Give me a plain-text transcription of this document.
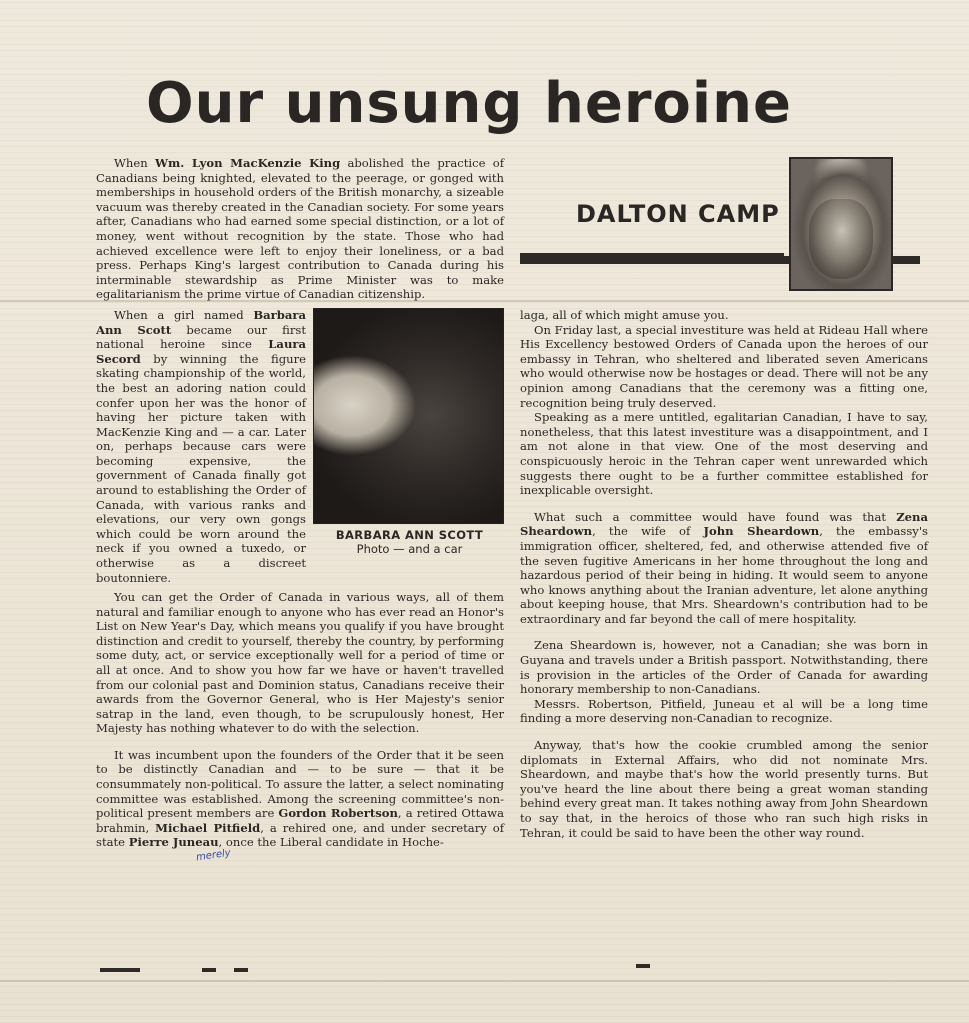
Our unsung heroine
DALTON CAMP

When Wm. Lyon MacKenzie King abolished the practice of Canadians being knighted, elevated to the peerage, or gonged with memberships in household orders of the British monarchy, a sizeable vacuum was thereby created in the Canadian society. For some years after, Canadians who had earned some special distinction, or a lot of money, went without recognition by the state. Those who had achieved excellence were left to enjoy their loneliness, or a bad press. Perhaps King's largest contribution to Canada during his interminable stewardship as Prime Minister was to make egalitarianism the prime virtue of Canadian citizenship.

BARBARA ANN SCOTT
Photo — and a car

When a girl named Barbara Ann Scott became our first national heroine since Laura Secord by winning the figure skating championship of the world, the best an adoring nation could confer upon her was the honor of having her picture taken with MacKenzie King and — a car. Later on, perhaps because cars were becoming expensive, the government of Canada finally got around to establishing the Order of Canada, with various ranks and elevations, our very own gongs which could be worn around the neck if you owned a tuxedo, or otherwise as a discreet boutonniere.

You can get the Order of Canada in various ways, all of them natural and familiar enough to anyone who has ever read an Honor's List on New Year's Day, which means you qualify if you have brought distinction and credit to yourself, thereby the country, by performing some duty, act, or service exceptionally well for a period of time or all at once. And to show you how far we have or haven't travelled from our colonial past and Dominion status, Canadians receive their awards from the Governor General, who is Her Majesty's senior satrap in the land, even though, to be scrupulously honest, Her Majesty has nothing whatever to do with the selection.

It was incumbent upon the founders of the Order that it be seen to be distinctly Canadian and — to be sure — that it be consummately non-political. To assure the latter, a select nominating committee was established. Among the screening committee's non-political present members are Gordon Robertson, a retired Ottawa brahmin, Michael Pitfield, a rehired one, and under secretary of state Pierre Juneau, once the Liberal candidate in Hoche-

merely

laga, all of which might amuse you.

On Friday last, a special investiture was held at Rideau Hall where His Excellency bestowed Orders of Canada upon the heroes of our embassy in Tehran, who sheltered and liberated seven Americans who would otherwise now be hostages or dead. There will not be any opinion among Canadians that the ceremony was a fitting one, recognition being truly deserved.

Speaking as a mere untitled, egalitarian Canadian, I have to say, nonetheless, that this latest investiture was a disappointment, and I am not alone in that view. One of the most deserving and conspicuously heroic in the Tehran caper went unrewarded which suggests there ought to be a further committee established for inexplicable oversight.

What such a committee would have found was that Zena Sheardown, the wife of John Sheardown, the embassy's immigration officer, sheltered, fed, and otherwise attended five of the seven fugitive Americans in her home throughout the long and hazardous period of their being in hiding. It would seem to anyone who knows anything about the Iranian adventure, let alone anything about keeping house, that Mrs. Sheardown's contribution had to be extraordinary and far beyond the call of mere hospitality.

Zena Sheardown is, however, not a Canadian; she was born in Guyana and travels under a British passport. Notwithstanding, there is provision in the articles of the Order of Canada for awarding honorary membership to non-Canadians.

Messrs. Robertson, Pitfield, Juneau et al will be a long time finding a more deserving non-Canadian to recognize.

Anyway, that's how the cookie crumbled among the senior diplomats in External Affairs, who did not nominate Mrs. Sheardown, and maybe that's how the world presently turns. But you've heard the line about there being a great woman standing behind every great man. It takes nothing away from John Sheardown to say that, in the heroics of those who ran such high risks in Tehran, it could be said to have been the other way round.
